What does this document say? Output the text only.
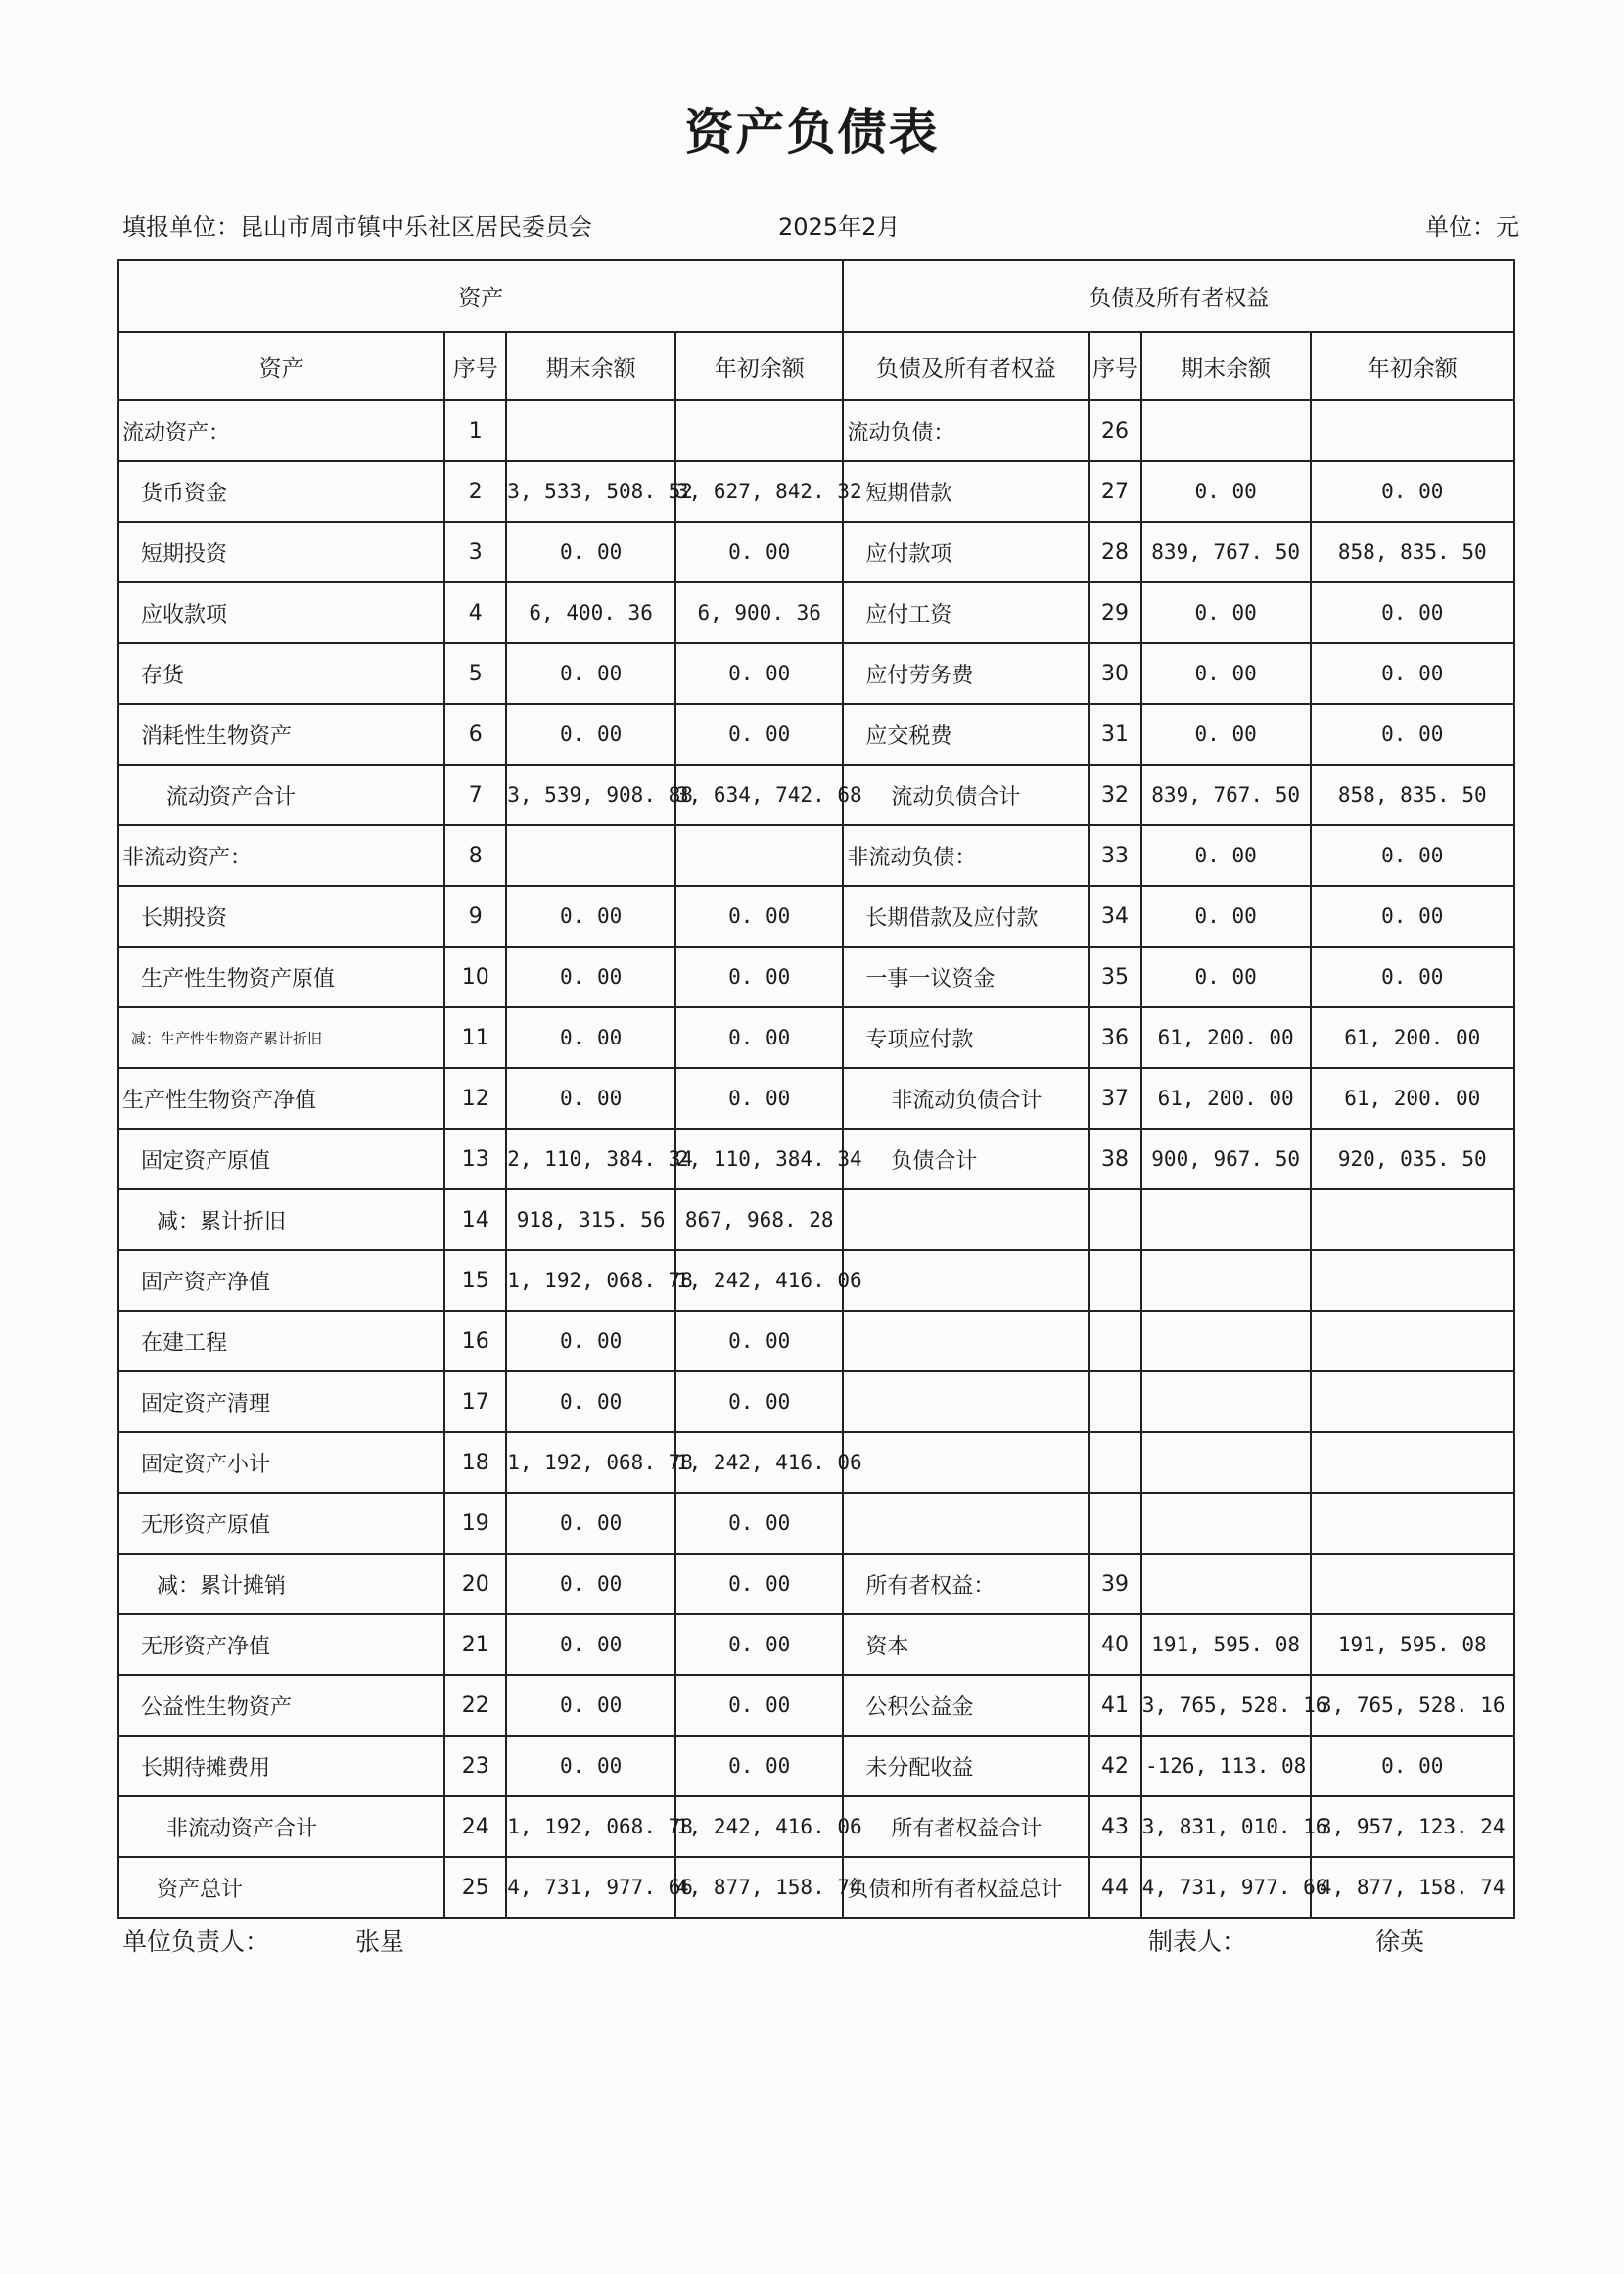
资产负债表
填报单位：昆山市周市镇中乐社区居民委员会	2025年2月	单位：元
资产				负债及所有者权益			
资产	序号	期末余额	年初余额	负债及所有者权益	序号	期末余额	年初余额
流动资产：	1			流动负债：	26		
货币资金	2	3, 533, 508. 52	3, 627, 842. 32	短期借款	27	0. 00	0. 00
短期投资	3	0. 00	0. 00	应付款项	28	839, 767. 50	858, 835. 50
应收款项	4	6, 400. 36	6, 900. 36	应付工资	29	0. 00	0. 00
存货	5	0. 00	0. 00	应付劳务费	30	0. 00	0. 00
消耗性生物资产	6	0. 00	0. 00	应交税费	31	0. 00	0. 00
流动资产合计	7	3, 539, 908. 88	3, 634, 742. 68	流动负债合计	32	839, 767. 50	858, 835. 50
非流动资产：	8			非流动负债：	33	0. 00	0. 00
长期投资	9	0. 00	0. 00	长期借款及应付款	34	0. 00	0. 00
生产性生物资产原值	10	0. 00	0. 00	一事一议资金	35	0. 00	0. 00
减：生产性生物资产累计折旧	11	0. 00	0. 00	专项应付款	36	61, 200. 00	61, 200. 00
生产性生物资产净值	12	0. 00	0. 00	非流动负债合计	37	61, 200. 00	61, 200. 00
固定资产原值	13	2, 110, 384. 34	2, 110, 384. 34	负债合计	38	900, 967. 50	920, 035. 50
减：累计折旧	14	918, 315. 56	867, 968. 28				
固产资产净值	15	1, 192, 068. 78	1, 242, 416. 06				
在建工程	16	0. 00	0. 00				
固定资产清理	17	0. 00	0. 00				
固定资产小计	18	1, 192, 068. 78	1, 242, 416. 06				
无形资产原值	19	0. 00	0. 00				
减：累计摊销	20	0. 00	0. 00	所有者权益：	39		
无形资产净值	21	0. 00	0. 00	资本	40	191, 595. 08	191, 595. 08
公益性生物资产	22	0. 00	0. 00	公积公益金	41	3, 765, 528. 16	3, 765, 528. 16
长期待摊费用	23	0. 00	0. 00	未分配收益	42	-126, 113. 08	0. 00
非流动资产合计	24	1, 192, 068. 78	1, 242, 416. 06	所有者权益合计	43	3, 831, 010. 16	3, 957, 123. 24
资产总计	25	4, 731, 977. 66	4, 877, 158. 74	负债和所有者权益总计	44	4, 731, 977. 66	4, 877, 158. 74
单位负责人：	张星	制表人：	徐英
